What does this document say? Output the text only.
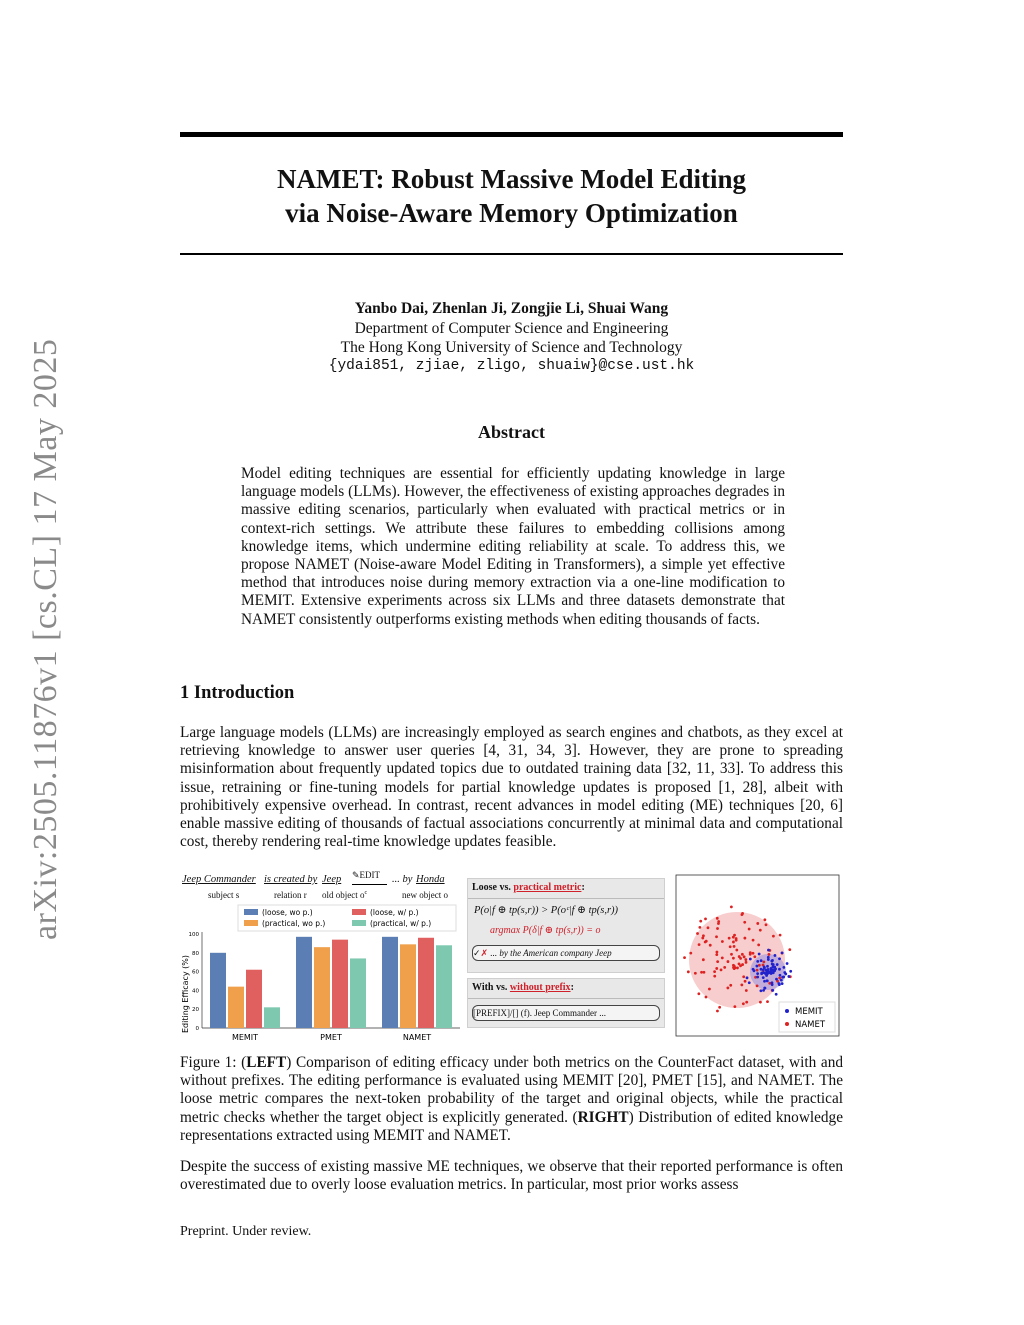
arXiv:2505.11876v1 [cs.CL] 17 May 2025
NAMET: Robust Massive Model Editing
via Noise-Aware Memory Optimization
Yanbo Dai, Zhenlan Ji, Zongjie Li, Shuai Wang
Department of Computer Science and Engineering
The Hong Kong University of Science and Technology
{ydai851, zjiae, zligo, shuaiw}@cse.ust.hk
Abstract
Model editing techniques are essential for efficiently updating knowledge in large language models (LLMs). However, the effectiveness of existing approaches degrades in massive editing scenarios, particularly when evaluated with practical metrics or in context-rich settings. We attribute these failures to embedding collisions among knowledge items, which undermine editing reliability at scale. To address this, we propose NAMET (Noise-aware Model Editing in Transformers), a simple yet effective method that introduces noise during memory extraction via a one-line modification to MEMIT. Extensive experiments across six LLMs and three datasets demonstrate that NAMET consistently outperforms existing methods when editing thousands of facts.
1 Introduction
Large language models (LLMs) are increasingly employed as search engines and chatbots, as they excel at retrieving knowledge to answer user queries [4, 31, 34, 3]. However, they are prone to spreading misinformation about frequently updated topics due to outdated training data [32, 11, 33]. To address this issue, retraining or fine-tuning models for partial knowledge updates is proposed [1, 28], albeit with prohibitively expensive overhead. In contrast, recent advances in model editing (ME) techniques [20, 6] enable massive editing of thousands of factual associations concurrently at minimal data and computational cost, thereby rendering real-time knowledge updates feasible.
Jeep Commander is created by Jeep ✎EDIT ... by Honda
subject s	relation r old object $o^c$	new object o
(loose, wo p.)	(loose, w/ p.)
(practical, wo p.)	(practical, w/ p.)
Editing Efficacy (%)
100
80
60
40
20
0
MEMIT	PMET	NAMET
Loose vs. practical metric:
P(o|f ⊕ tp(s,r)) > P(oᶜ|f ⊕ tp(s,r))
argmax P(δ|f ⊕ tp(s,r)) = o
✓✗ ... by the American company Jeep
With vs. without prefix:
[PREFIX]/[] (f). Jeep Commander ...	MEMIT
NAMET
Figure 1: (LEFT) Comparison of editing efficacy under both metrics on the CounterFact dataset, with and without prefixes. The editing performance is evaluated using MEMIT [20], PMET [15], and NAMET. The loose metric compares the next-token probability of the target and original objects, while the practical metric checks whether the target object is explicitly generated. (RIGHT) Distribution of edited knowledge representations extracted using MEMIT and NAMET.
Despite the success of existing massive ME techniques, we observe that their reported performance is often overestimated due to overly loose evaluation metrics. In particular, most prior works assess
Preprint. Under review.
